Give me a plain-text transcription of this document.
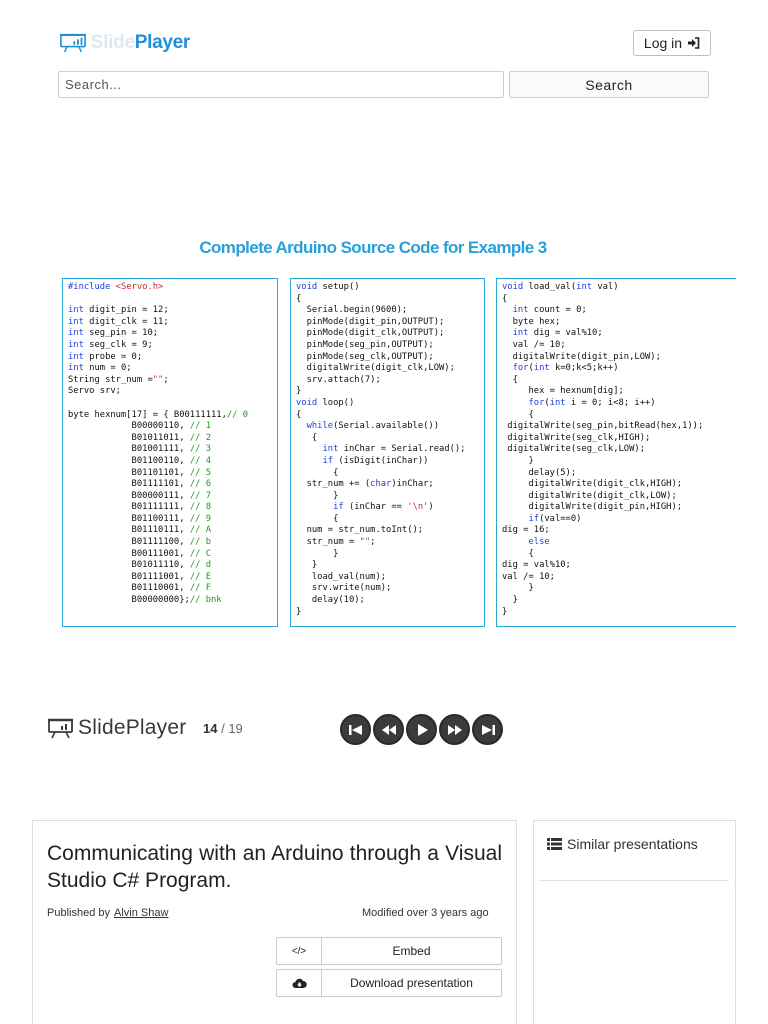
SlidePlayer	Log in
Search...
Search
Complete Arduino Source Code for Example 3
#include <Servo.h>

int digit_pin = 12;
int digit_clk = 11;
int seg_pin = 10;
int seg_clk = 9;
int probe = 0;
int num = 0;
String str_num ="";
Servo srv;

byte hexnum[17] = { B00111111,// 0
B00000110, // 1
B01011011, // 2
B01001111, // 3
B01100110, // 4
B01101101, // 5
B01111101, // 6
B00000111, // 7
B01111111, // 8
B01100111, // 9
B01110111, // A
B01111100, // b
B00111001, // C
B01011110, // d
B01111001, // E
B01110001, // F
B00000000};// bnk
void setup()
{
Serial.begin(9600);
pinMode(digit_pin,OUTPUT);
pinMode(digit_clk,OUTPUT);
pinMode(seg_pin,OUTPUT);
pinMode(seg_clk,OUTPUT);
digitalWrite(digit_clk,LOW);
srv.attach(7);
}
void loop()
{
while(Serial.available())
{
int inChar = Serial.read();
if (isDigit(inChar))
{
str_num += (char)inChar;
}
if (inChar == '\n')
{
num = str_num.toInt();
str_num = "";
}
}
load_val(num);
srv.write(num);
delay(10);
}
void load_val(int val)
{
int count = 0;
byte hex;
int dig = val%10;
val /= 10;
digitalWrite(digit_pin,LOW);
for(int k=0;k<5;k++)
{
hex = hexnum[dig];
for(int i = 0; i<8; i++)
{
digitalWrite(seg_pin,bitRead(hex,1));
digitalWrite(seg_clk,HIGH);
digitalWrite(seg_clk,LOW);
}
delay(5);
digitalWrite(digit_clk,HIGH);
digitalWrite(digit_clk,LOW);
digitalWrite(digit_pin,HIGH);
if(val==0)
dig = 16;
else
{
dig = val%10;
val /= 10;
}
}
}
SlidePlayer 14 / 19
Communicating with an Arduino through a Visual Studio C# Program.
Published by Alvin Shaw	Modified over 3 years ago
</>	Embed
Download presentation
Similar presentations
